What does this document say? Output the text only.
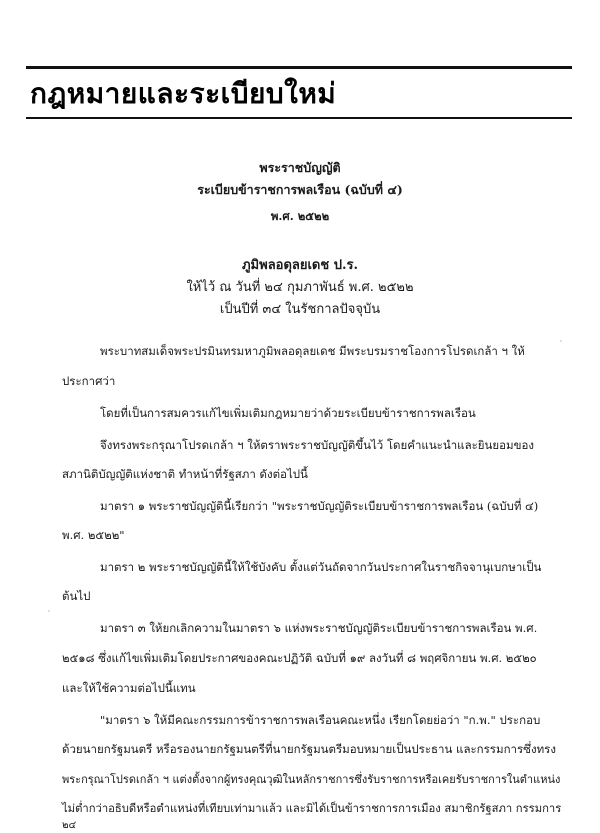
กฎหมายและระเบียบใหม่
พระราชบัญญัติ
ระเบียบข้าราชการพลเรือน (ฉบับที่ ๔)
พ.ศ. ๒๕๒๒
ภูมิพลอดุลยเดช ป.ร.
ให้ไว้ ณ วันที่ ๒๔ กุมภาพันธ์ พ.ศ. ๒๕๒๒
เป็นปีที่ ๓๔ ในรัชกาลปัจจุบัน
พระบาทสมเด็จพระปรมินทรมหาภูมิพลอดุลยเดช มีพระบรมราชโองการโปรดเกล้า ฯ ให้
ประกาศว่า
โดยที่เป็นการสมควรแก้ไขเพิ่มเติมกฎหมายว่าด้วยระเบียบข้าราชการพลเรือน
จึงทรงพระกรุณาโปรดเกล้า ฯ ให้ตราพระราชบัญญัติขึ้นไว้ โดยคำแนะนำและยินยอมของ
สภานิติบัญญัติแห่งชาติ ทำหน้าที่รัฐสภา ดังต่อไปนี้
มาตรา ๑ พระราชบัญญัตินี้เรียกว่า "พระราชบัญญัติระเบียบข้าราชการพลเรือน (ฉบับที่ ๔)
พ.ศ. ๒๕๒๒"
มาตรา ๒ พระราชบัญญัตินี้ให้ใช้บังคับ ตั้งแต่วันถัดจากวันประกาศในราชกิจจานุเบกษาเป็น
ต้นไป
มาตรา ๓ ให้ยกเลิกความในมาตรา ๖ แห่งพระราชบัญญัติระเบียบข้าราชการพลเรือน พ.ศ.
๒๕๑๘ ซึ่งแก้ไขเพิ่มเติมโดยประกาศของคณะปฏิวัติ ฉบับที่ ๑๙ ลงวันที่ ๘ พฤศจิกายน พ.ศ. ๒๕๒๐
และให้ใช้ความต่อไปนี้แทน
"มาตรา ๖ ให้มีคณะกรรมการข้าราชการพลเรือนคณะหนึ่ง เรียกโดยย่อว่า "ก.พ." ประกอบ
ด้วยนายกรัฐมนตรี หรือรองนายกรัฐมนตรีที่นายกรัฐมนตรีมอบหมายเป็นประธาน และกรรมการซึ่งทรง
พระกรุณาโปรดเกล้า ฯ แต่งตั้งจากผู้ทรงคุณวุฒิในหลักราชการซึ่งรับราชการหรือเคยรับราชการในตำแหน่ง
ไม่ต่ำกว่าอธิบดีหรือตำแหน่งที่เทียบเท่ามาแล้ว และมิได้เป็นข้าราชการการเมือง สมาชิกรัฐสภา กรรมการ
๒๔
